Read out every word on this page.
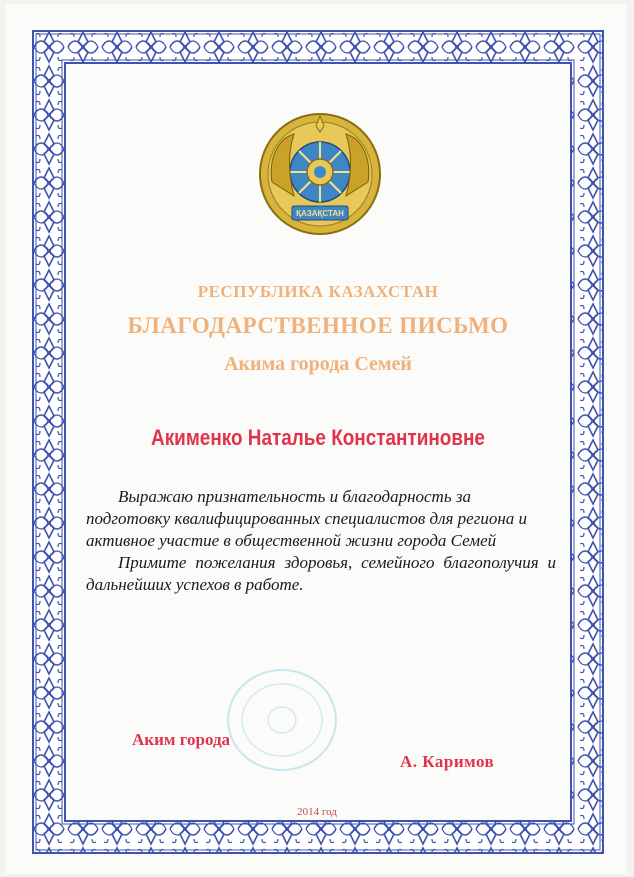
ҚАЗАҚСТАН
РЕСПУБЛИКА КАЗАХСТАН
БЛАГОДАРСТВЕННОЕ ПИСЬМО
Акима города Семей
Акименко Наталье Константиновне

Выражаю признательность и благодарность за подготовку квалифицированных специалистов для региона и активное участие в общественной жизни города Семей

Примите пожелания здоровья, семейного благополучия и дальнейших успехов в работе.

Аким города
А. Каримов
2014 год
